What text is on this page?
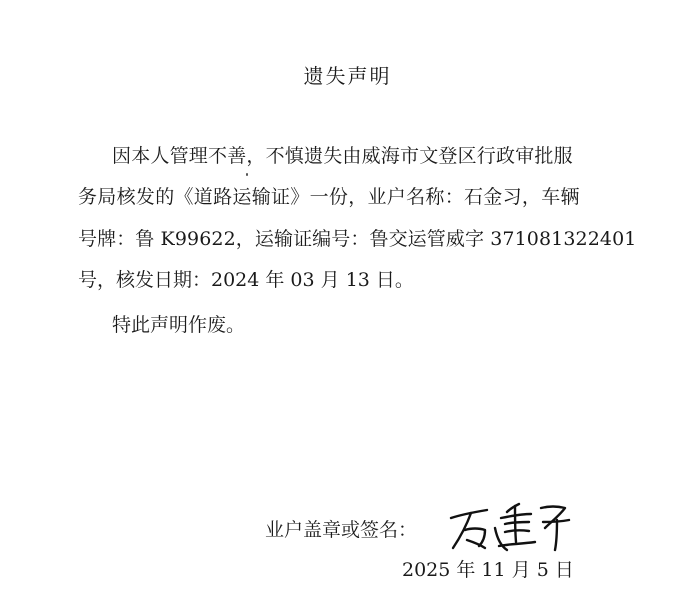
遗失声明
因本人管理不善，不慎遗失由威海市文登区行政审批服
务局核发的《道路运输证》一份，业户名称：石金习，车辆
号牌：鲁 K99622，运输证编号：鲁交运管威字 371081322401
号，核发日期：2024 年 03 月 13 日。
特此声明作废。
业户盖章或签名：
2025 年 11 月 5 日
